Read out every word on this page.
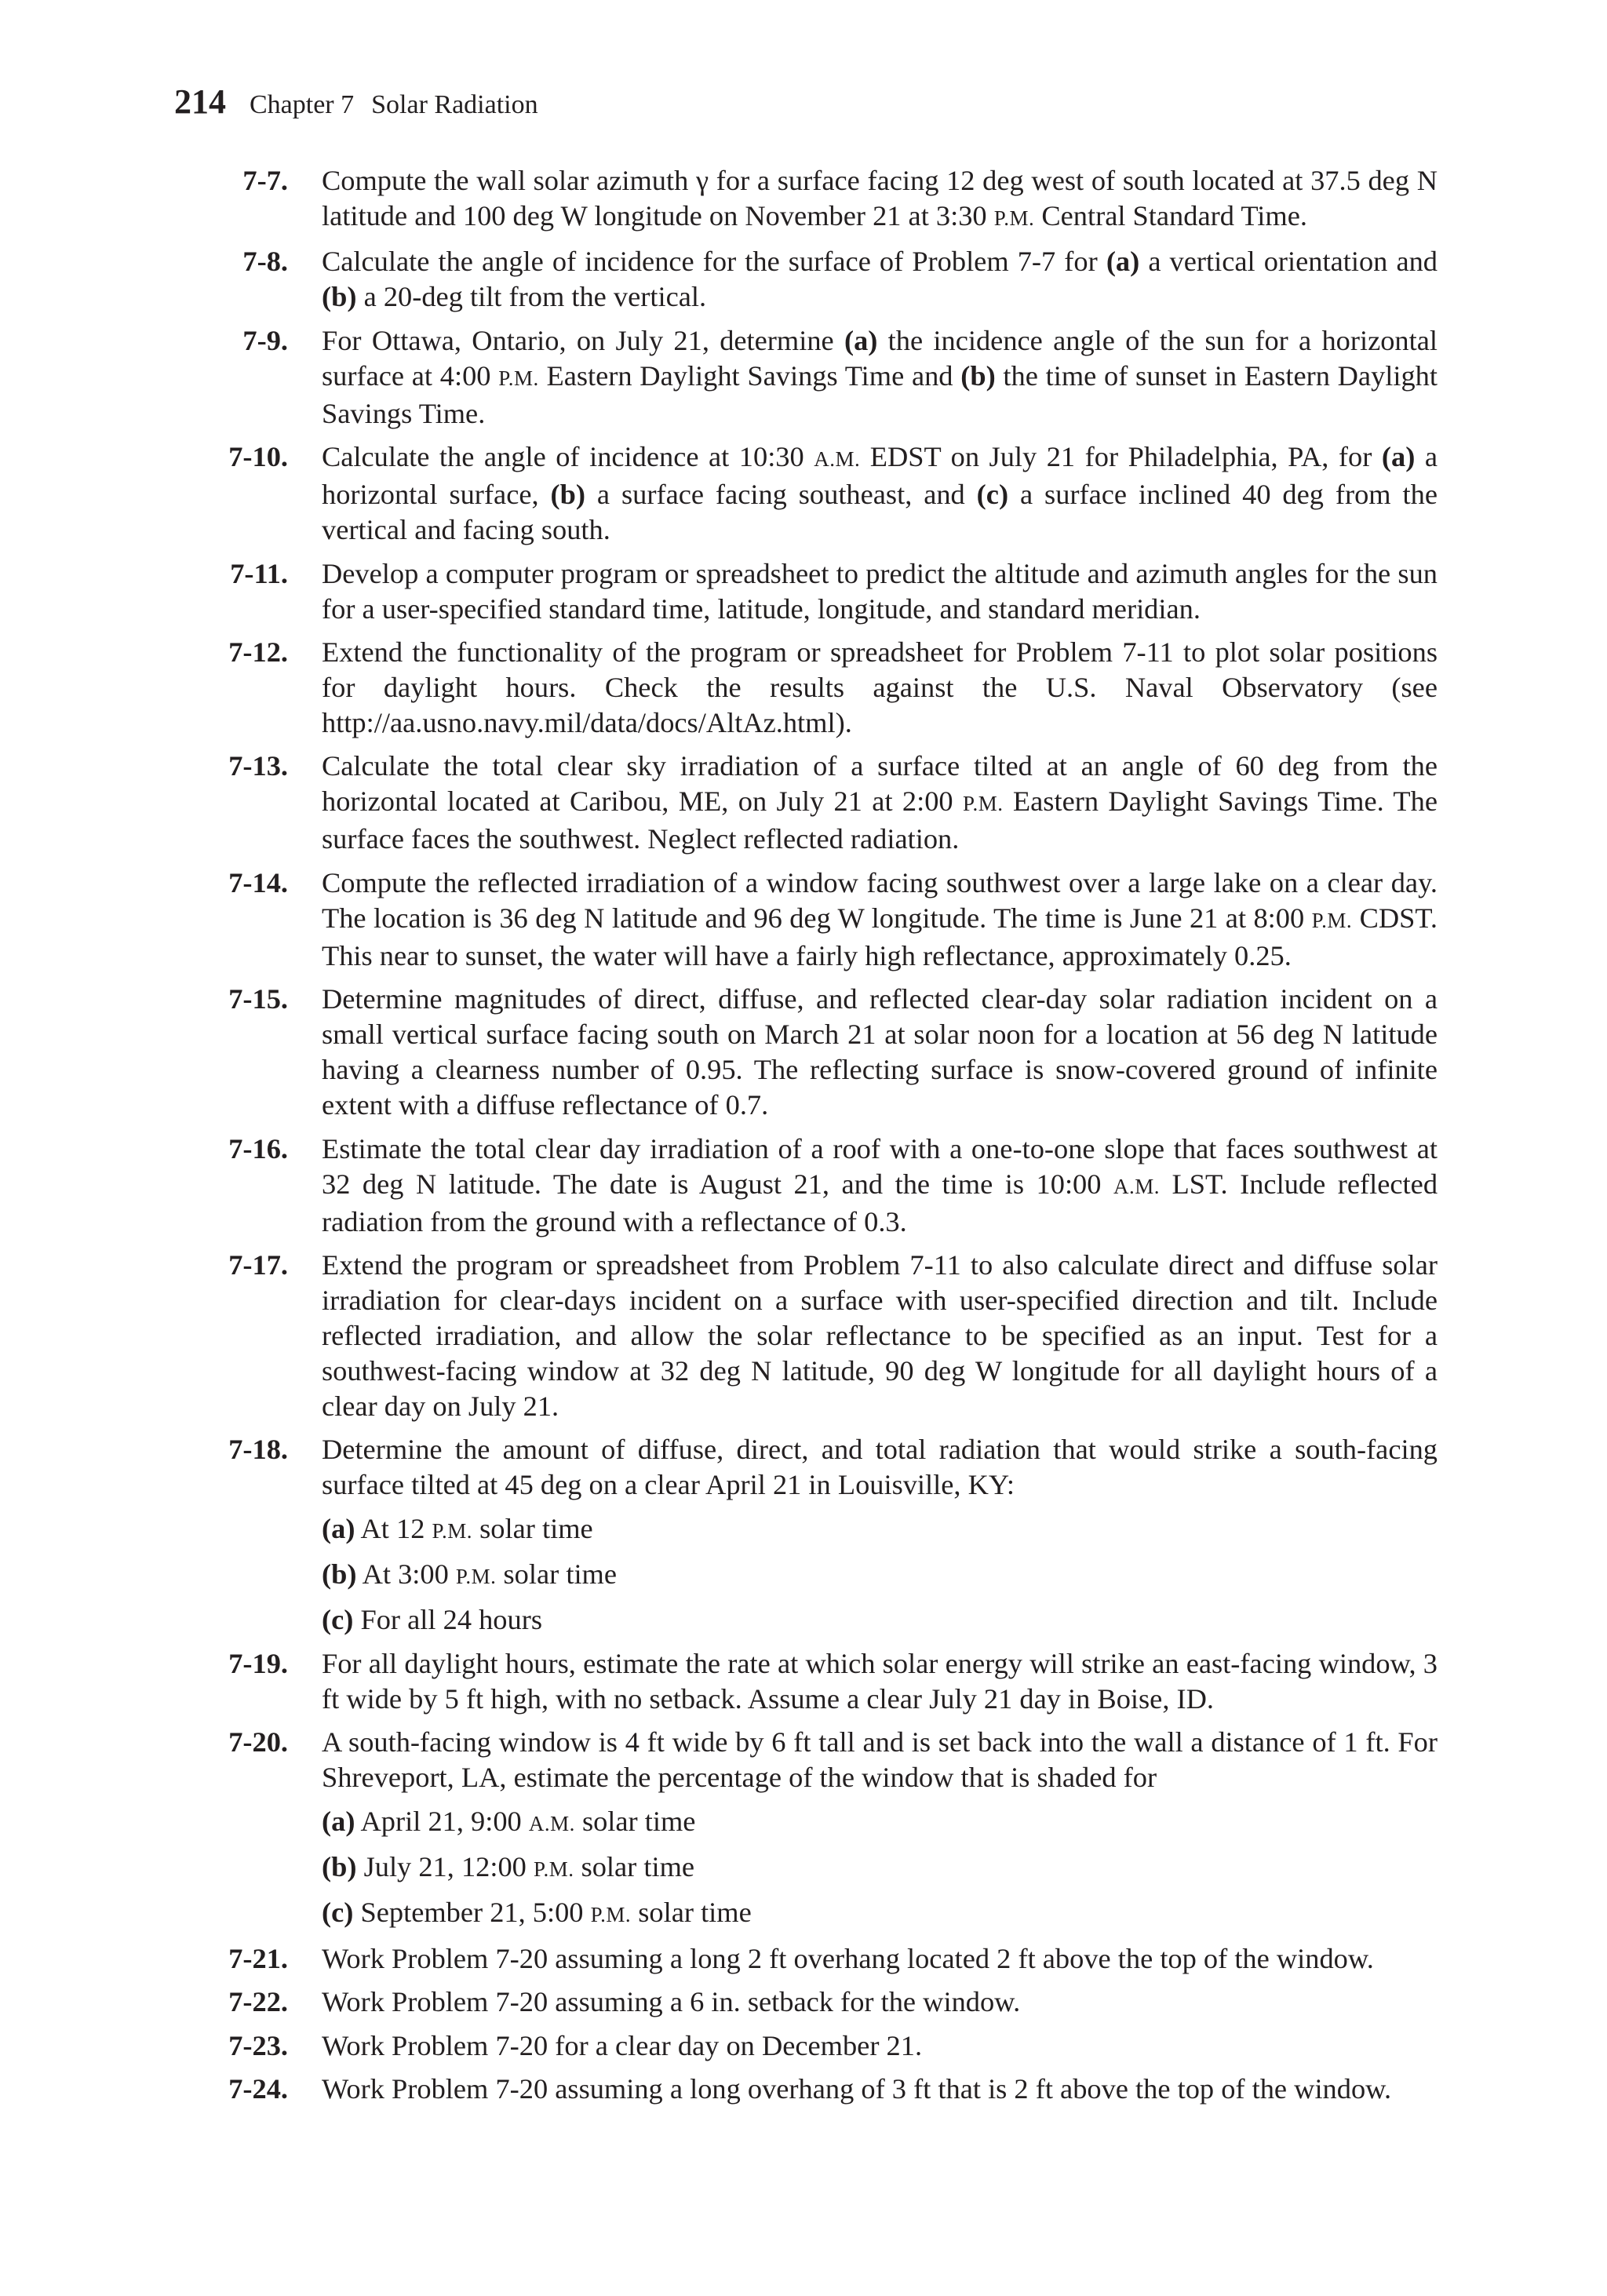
214 Chapter 7 Solar Radiation
7-7. Compute the wall solar azimuth γ for a surface facing 12 deg west of south located at 37.5 deg N latitude and 100 deg W longitude on November 21 at 3:30 P.M. Central Standard Time.
7-8. Calculate the angle of incidence for the surface of Problem 7-7 for (a) a vertical orientation and (b) a 20-deg tilt from the vertical.
7-9. For Ottawa, Ontario, on July 21, determine (a) the incidence angle of the sun for a horizontal surface at 4:00 P.M. Eastern Daylight Savings Time and (b) the time of sunset in Eastern Daylight Savings Time.
7-10. Calculate the angle of incidence at 10:30 A.M. EDST on July 21 for Philadelphia, PA, for (a) a horizontal surface, (b) a surface facing southeast, and (c) a surface inclined 40 deg from the vertical and facing south.
7-11. Develop a computer program or spreadsheet to predict the altitude and azimuth angles for the sun for a user-specified standard time, latitude, longitude, and standard meridian.
7-12. Extend the functionality of the program or spreadsheet for Problem 7-11 to plot solar positions for daylight hours. Check the results against the U.S. Naval Observatory (see http://aa.usno.navy.mil/data/docs/AltAz.html).
7-13. Calculate the total clear sky irradiation of a surface tilted at an angle of 60 deg from the horizontal located at Caribou, ME, on July 21 at 2:00 P.M. Eastern Daylight Savings Time. The surface faces the southwest. Neglect reflected radiation.
7-14. Compute the reflected irradiation of a window facing southwest over a large lake on a clear day. The location is 36 deg N latitude and 96 deg W longitude. The time is June 21 at 8:00 P.M. CDST. This near to sunset, the water will have a fairly high reflectance, approximately 0.25.
7-15. Determine magnitudes of direct, diffuse, and reflected clear-day solar radiation incident on a small vertical surface facing south on March 21 at solar noon for a location at 56 deg N latitude having a clearness number of 0.95. The reflecting surface is snow-covered ground of infinite extent with a diffuse reflectance of 0.7.
7-16. Estimate the total clear day irradiation of a roof with a one-to-one slope that faces southwest at 32 deg N latitude. The date is August 21, and the time is 10:00 A.M. LST. Include reflected radiation from the ground with a reflectance of 0.3.
7-17. Extend the program or spreadsheet from Problem 7-11 to also calculate direct and diffuse solar irradiation for clear-days incident on a surface with user-specified direction and tilt. Include reflected irradiation, and allow the solar reflectance to be specified as an input. Test for a southwest-facing window at 32 deg N latitude, 90 deg W longitude for all daylight hours of a clear day on July 21.
7-18. Determine the amount of diffuse, direct, and total radiation that would strike a south-facing surface tilted at 45 deg on a clear April 21 in Louisville, KY:
(a) At 12 P.M. solar time
(b) At 3:00 P.M. solar time
(c) For all 24 hours
7-19. For all daylight hours, estimate the rate at which solar energy will strike an east-facing window, 3 ft wide by 5 ft high, with no setback. Assume a clear July 21 day in Boise, ID.
7-20. A south-facing window is 4 ft wide by 6 ft tall and is set back into the wall a distance of 1 ft. For Shreveport, LA, estimate the percentage of the window that is shaded for
(a) April 21, 9:00 A.M. solar time
(b) July 21, 12:00 P.M. solar time
(c) September 21, 5:00 P.M. solar time
7-21. Work Problem 7-20 assuming a long 2 ft overhang located 2 ft above the top of the window.
7-22. Work Problem 7-20 assuming a 6 in. setback for the window.
7-23. Work Problem 7-20 for a clear day on December 21.
7-24. Work Problem 7-20 assuming a long overhang of 3 ft that is 2 ft above the top of the window.
